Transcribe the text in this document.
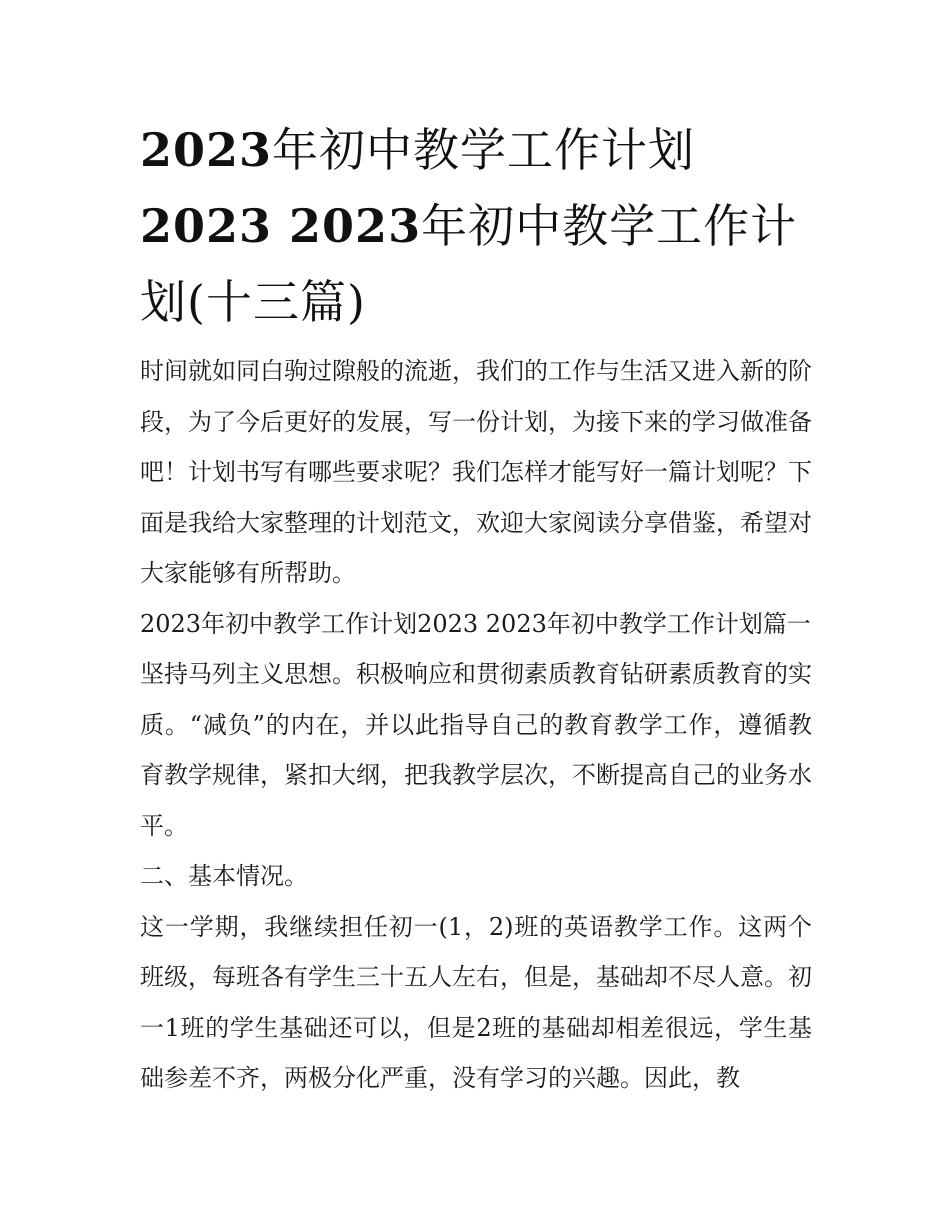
2023年初中教学工作计划
2023 2023年初中教学工作计划(十三篇)

时间就如同白驹过隙般的流逝，我们的工作与生活又进入新的阶段，为了今后更好的发展，写一份计划，为接下来的学习做准备吧！计划书写有哪些要求呢？我们怎样才能写好一篇计划呢？下面是我给大家整理的计划范文，欢迎大家阅读分享借鉴，希望对大家能够有所帮助。

2023年初中教学工作计划2023 2023年初中教学工作计划篇一

坚持马列主义思想。积极响应和贯彻素质教育钻研素质教育的实质。“减负”的内在，并以此指导自己的教育教学工作，遵循教育教学规律，紧扣大纲，把我教学层次，不断提高自己的业务水平。

二、基本情况。

这一学期，我继续担任初一(1，2)班的英语教学工作。这两个班级，每班各有学生三十五人左右，但是，基础却不尽人意。初一1班的学生基础还可以，但是2班的基础却相差很远，学生基础参差不齐，两极分化严重，没有学习的兴趣。因此，教
